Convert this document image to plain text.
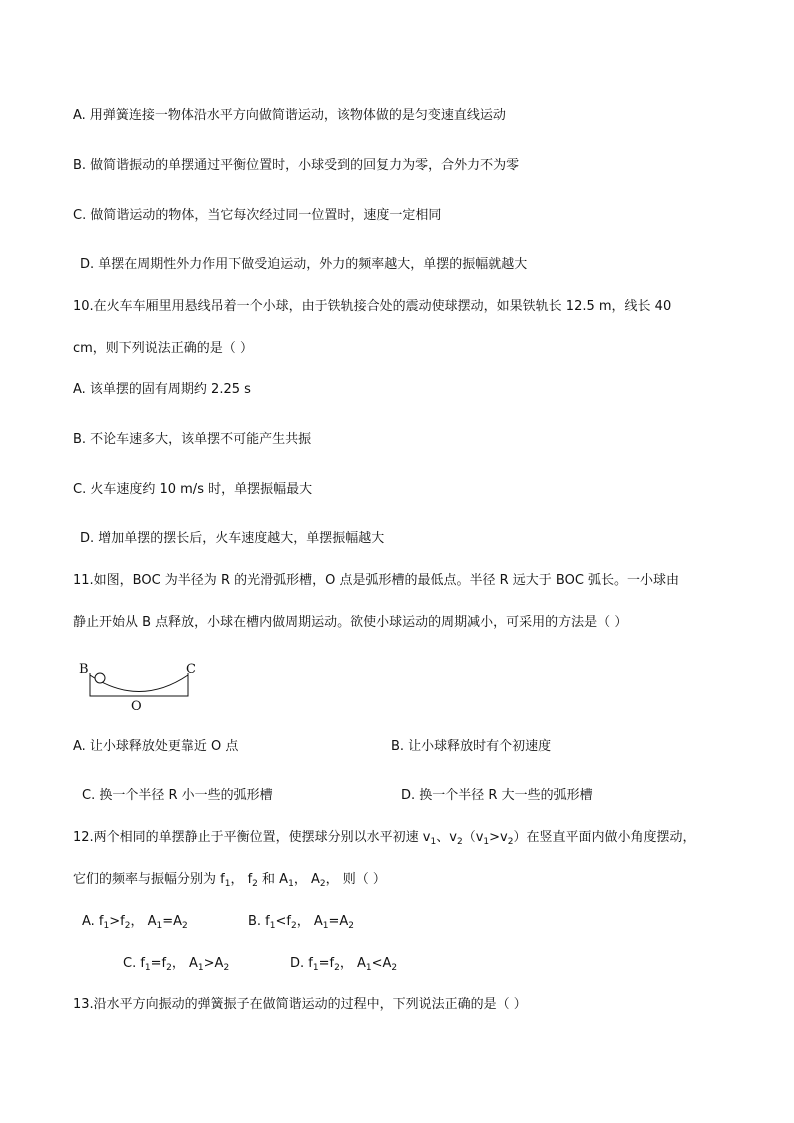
A. 用弹簧连接一物体沿水平方向做简谐运动，该物体做的是匀变速直线运动
B. 做简谐振动的单摆通过平衡位置时，小球受到的回复力为零，合外力不为零
C. 做简谐运动的物体，当它每次经过同一位置时，速度一定相同
D. 单摆在周期性外力作用下做受迫运动，外力的频率越大，单摆的振幅就越大
10.在火车车厢里用悬线吊着一个小球，由于铁轨接合处的震动使球摆动，如果铁轨长 12.5 m，线长 40
cm，则下列说法正确的是（ ）
A. 该单摆的固有周期约 2.25 s
B. 不论车速多大，该单摆不可能产生共振
C. 火车速度约 10 m/s 时，单摆振幅最大
D. 增加单摆的摆长后，火车速度越大，单摆振幅越大
11.如图，BOC 为半径为 R 的光滑弧形槽，O 点是弧形槽的最低点。半径 R 远大于 BOC 弧长。一小球由
静止开始从 B 点释放，小球在槽内做周期运动。欲使小球运动的周期减小，可采用的方法是（ ）
B	C
O
A. 让小球释放处更靠近 O 点	B. 让小球释放时有个初速度
C. 换一个半径 R 小一些的弧形槽	D. 换一个半径 R 大一些的弧形槽
12.两个相同的单摆静止于平衡位置，使摆球分别以水平初速 $v_1$、$v_2(v_1>v_2)$在竖直平面内做小角度摆动，
它们的频率与振幅分别为 $f_1$， $f_2$ 和 $A_1$， $A_2$， 则（ ）
A. $f_1>f_2$， $A_1=A_2$	B. $f_1<f_2$， $A_1=A_2$
C. $f_1=f_2$， $A_1>A_2$	D. $f_1=f_2$， $A_1<A_2$
13.沿水平方向振动的弹簧振子在做简谐运动的过程中，下列说法正确的是（ ）
